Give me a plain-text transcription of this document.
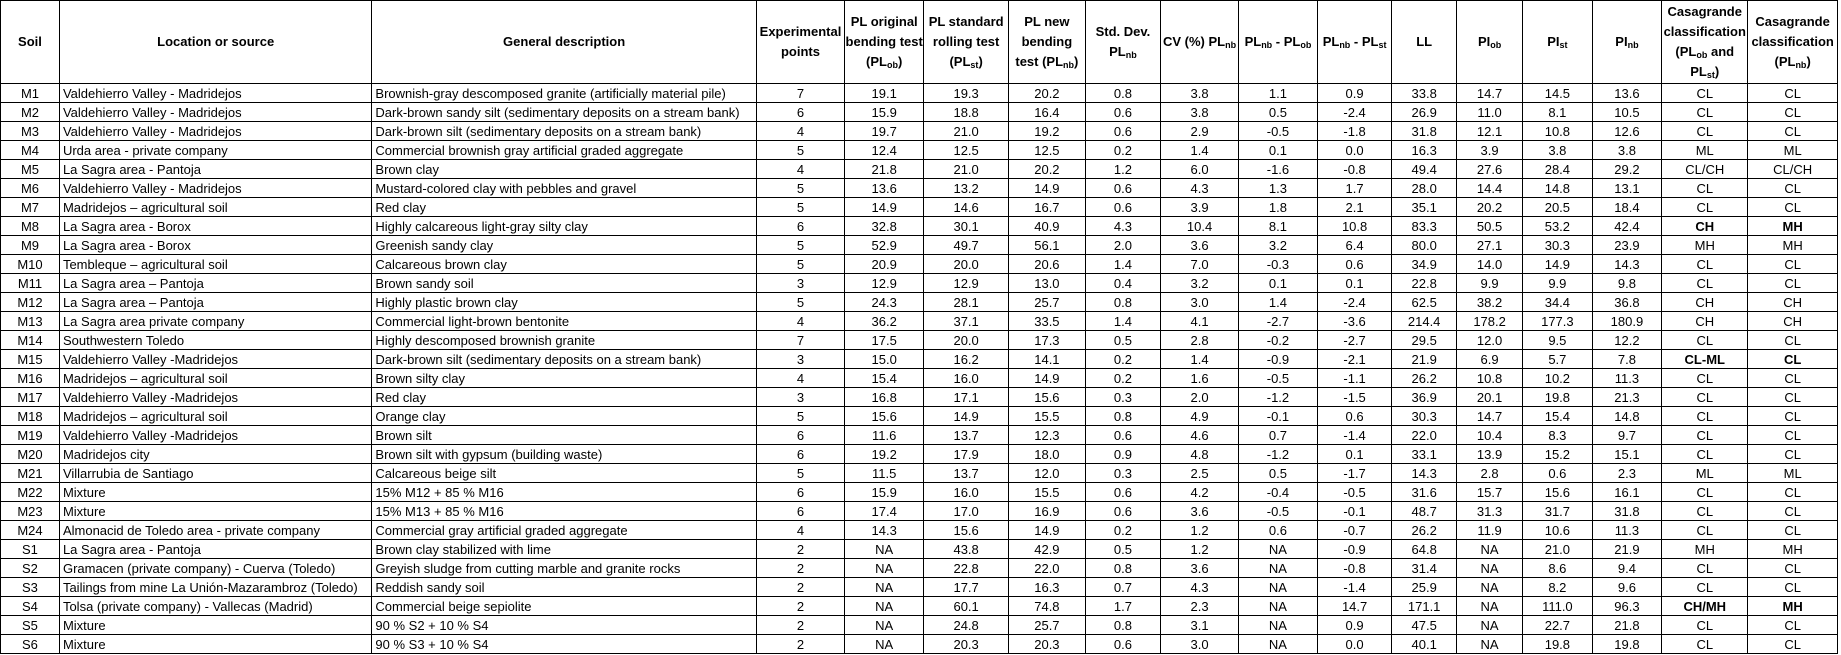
Soil	Location or source	General description	Experimental points	PL original bending test $(PL_{ob})$	PL standard rolling test $(PL_{st})$	PL new bending test $(PL_{nb})$	Std. Dev. $PL_{nb}$	CV (%) $PL_{nb}$	$PL_{nb} - PL_{ob}$	$PL_{nb} - PL_{st}$	LL	$PI_{ob}$	$PI_{st}$	$PI_{nb}$	Casagrande classification ($PL_{ob}$ and $PL_{st}$)	Casagrande classification $(PL_{nb})$
M1	Valdehierro Valley - Madridejos	Brownish-gray descomposed granite (artificially material pile)	7	19.1	19.3	20.2	0.8	3.8	1.1	0.9	33.8	14.7	14.5	13.6	CL	CL
M2	Valdehierro Valley - Madridejos	Dark-brown sandy silt (sedimentary deposits on a stream bank)	6	15.9	18.8	16.4	0.6	3.8	0.5	-2.4	26.9	11.0	8.1	10.5	CL	CL
M3	Valdehierro Valley - Madridejos	Dark-brown silt (sedimentary deposits on a stream bank)	4	19.7	21.0	19.2	0.6	2.9	-0.5	-1.8	31.8	12.1	10.8	12.6	CL	CL
M4	Urda area - private company	Commercial brownish gray artificial graded aggregate	5	12.4	12.5	12.5	0.2	1.4	0.1	0.0	16.3	3.9	3.8	3.8	ML	ML
M5	La Sagra area - Pantoja	Brown clay	4	21.8	21.0	20.2	1.2	6.0	-1.6	-0.8	49.4	27.6	28.4	29.2	CL/CH	CL/CH
M6	Valdehierro Valley - Madridejos	Mustard-colored clay with pebbles and gravel	5	13.6	13.2	14.9	0.6	4.3	1.3	1.7	28.0	14.4	14.8	13.1	CL	CL
M7	Madridejos – agricultural soil	Red clay	5	14.9	14.6	16.7	0.6	3.9	1.8	2.1	35.1	20.2	20.5	18.4	CL	CL
M8	La Sagra area - Borox	Highly calcareous light-gray silty clay	6	32.8	30.1	40.9	4.3	10.4	8.1	10.8	83.3	50.5	53.2	42.4	CH	MH
M9	La Sagra area - Borox	Greenish sandy clay	5	52.9	49.7	56.1	2.0	3.6	3.2	6.4	80.0	27.1	30.3	23.9	MH	MH
M10	Tembleque – agricultural soil	Calcareous brown clay	5	20.9	20.0	20.6	1.4	7.0	-0.3	0.6	34.9	14.0	14.9	14.3	CL	CL
M11	La Sagra area – Pantoja	Brown sandy soil	3	12.9	12.9	13.0	0.4	3.2	0.1	0.1	22.8	9.9	9.9	9.8	CL	CL
M12	La Sagra area – Pantoja	Highly plastic brown clay	5	24.3	28.1	25.7	0.8	3.0	1.4	-2.4	62.5	38.2	34.4	36.8	CH	CH
M13	La Sagra area private company	Commercial light-brown bentonite	4	36.2	37.1	33.5	1.4	4.1	-2.7	-3.6	214.4	178.2	177.3	180.9	CH	CH
M14	Southwestern Toledo	Highly descomposed brownish granite	7	17.5	20.0	17.3	0.5	2.8	-0.2	-2.7	29.5	12.0	9.5	12.2	CL	CL
M15	Valdehierro Valley -Madridejos	Dark-brown silt (sedimentary deposits on a stream bank)	3	15.0	16.2	14.1	0.2	1.4	-0.9	-2.1	21.9	6.9	5.7	7.8	CL-ML	CL
M16	Madridejos – agricultural soil	Brown silty clay	4	15.4	16.0	14.9	0.2	1.6	-0.5	-1.1	26.2	10.8	10.2	11.3	CL	CL
M17	Valdehierro Valley -Madridejos	Red clay	3	16.8	17.1	15.6	0.3	2.0	-1.2	-1.5	36.9	20.1	19.8	21.3	CL	CL
M18	Madridejos – agricultural soil	Orange clay	5	15.6	14.9	15.5	0.8	4.9	-0.1	0.6	30.3	14.7	15.4	14.8	CL	CL
M19	Valdehierro Valley -Madridejos	Brown silt	6	11.6	13.7	12.3	0.6	4.6	0.7	-1.4	22.0	10.4	8.3	9.7	CL	CL
M20	Madridejos city	Brown silt with gypsum (building waste)	6	19.2	17.9	18.0	0.9	4.8	-1.2	0.1	33.1	13.9	15.2	15.1	CL	CL
M21	Villarrubia de Santiago	Calcareous beige silt	5	11.5	13.7	12.0	0.3	2.5	0.5	-1.7	14.3	2.8	0.6	2.3	ML	ML
M22	Mixture	15% M12 + 85 % M16	6	15.9	16.0	15.5	0.6	4.2	-0.4	-0.5	31.6	15.7	15.6	16.1	CL	CL
M23	Mixture	15% M13 + 85 % M16	6	17.4	17.0	16.9	0.6	3.6	-0.5	-0.1	48.7	31.3	31.7	31.8	CL	CL
M24	Almonacid de Toledo area - private company	Commercial gray artificial graded aggregate	4	14.3	15.6	14.9	0.2	1.2	0.6	-0.7	26.2	11.9	10.6	11.3	CL	CL
S1	La Sagra area - Pantoja	Brown clay stabilized with lime	2	NA	43.8	42.9	0.5	1.2	NA	-0.9	64.8	NA	21.0	21.9	MH	MH
S2	Gramacen (private company) - Cuerva (Toledo)	Greyish sludge from cutting marble and granite rocks	2	NA	22.8	22.0	0.8	3.6	NA	-0.8	31.4	NA	8.6	9.4	CL	CL
S3	Tailings from mine La Unión-Mazarambroz (Toledo)	Reddish sandy soil	2	NA	17.7	16.3	0.7	4.3	NA	-1.4	25.9	NA	8.2	9.6	CL	CL
S4	Tolsa (private company) - Vallecas (Madrid)	Commercial beige sepiolite	2	NA	60.1	74.8	1.7	2.3	NA	14.7	171.1	NA	111.0	96.3	CH/MH	MH
S5	Mixture	90 % S2 + 10 % S4	2	NA	24.8	25.7	0.8	3.1	NA	0.9	47.5	NA	22.7	21.8	CL	CL
S6	Mixture	90 % S3 + 10 % S4	2	NA	20.3	20.3	0.6	3.0	NA	0.0	40.1	NA	19.8	19.8	CL	CL
